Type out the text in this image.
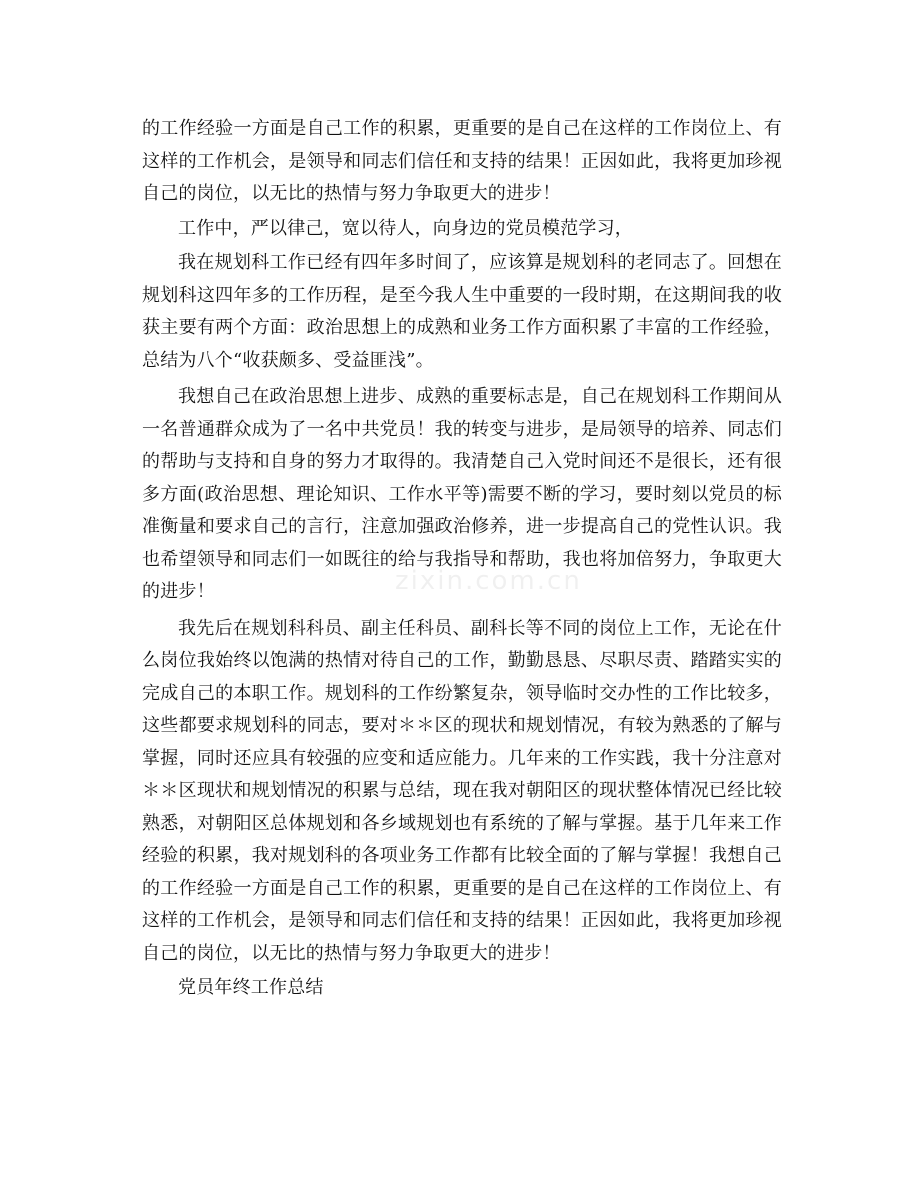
zixin.com.cn

的工作经验一方面是自己工作的积累，更重要的是自己在这样的工作岗位上、有这样的工作机会，是领导和同志们信任和支持的结果！正因如此，我将更加珍视自己的岗位，以无比的热情与努力争取更大的进步！

工作中，严以律己，宽以待人，向身边的党员模范学习，

我在规划科工作已经有四年多时间了，应该算是规划科的老同志了。回想在规划科这四年多的工作历程，是至今我人生中重要的一段时期，在这期间我的收获主要有两个方面：政治思想上的成熟和业务工作方面积累了丰富的工作经验，总结为八个“收获颇多、受益匪浅”。

我想自己在政治思想上进步、成熟的重要标志是，自己在规划科工作期间从一名普通群众成为了一名中共党员！我的转变与进步，是局领导的培养、同志们的帮助与支持和自身的努力才取得的。我清楚自己入党时间还不是很长，还有很多方面(政治思想、理论知识、工作水平等)需要不断的学习，要时刻以党员的标准衡量和要求自己的言行，注意加强政治修养，进一步提高自己的党性认识。我也希望领导和同志们一如既往的给与我指导和帮助，我也将加倍努力，争取更大的进步！

我先后在规划科科员、副主任科员、副科长等不同的岗位上工作，无论在什么岗位我始终以饱满的热情对待自己的工作，勤勤恳恳、尽职尽责、踏踏实实的完成自己的本职工作。规划科的工作纷繁复杂，领导临时交办性的工作比较多，这些都要求规划科的同志，要对＊＊区的现状和规划情况，有较为熟悉的了解与掌握，同时还应具有较强的应变和适应能力。几年来的工作实践，我十分注意对＊＊区现状和规划情况的积累与总结，现在我对朝阳区的现状整体情况已经比较熟悉，对朝阳区总体规划和各乡域规划也有系统的了解与掌握。基于几年来工作经验的积累，我对规划科的各项业务工作都有比较全面的了解与掌握！我想自己的工作经验一方面是自己工作的积累，更重要的是自己在这样的工作岗位上、有这样的工作机会，是领导和同志们信任和支持的结果！正因如此，我将更加珍视自己的岗位，以无比的热情与努力争取更大的进步！

党员年终工作总结
